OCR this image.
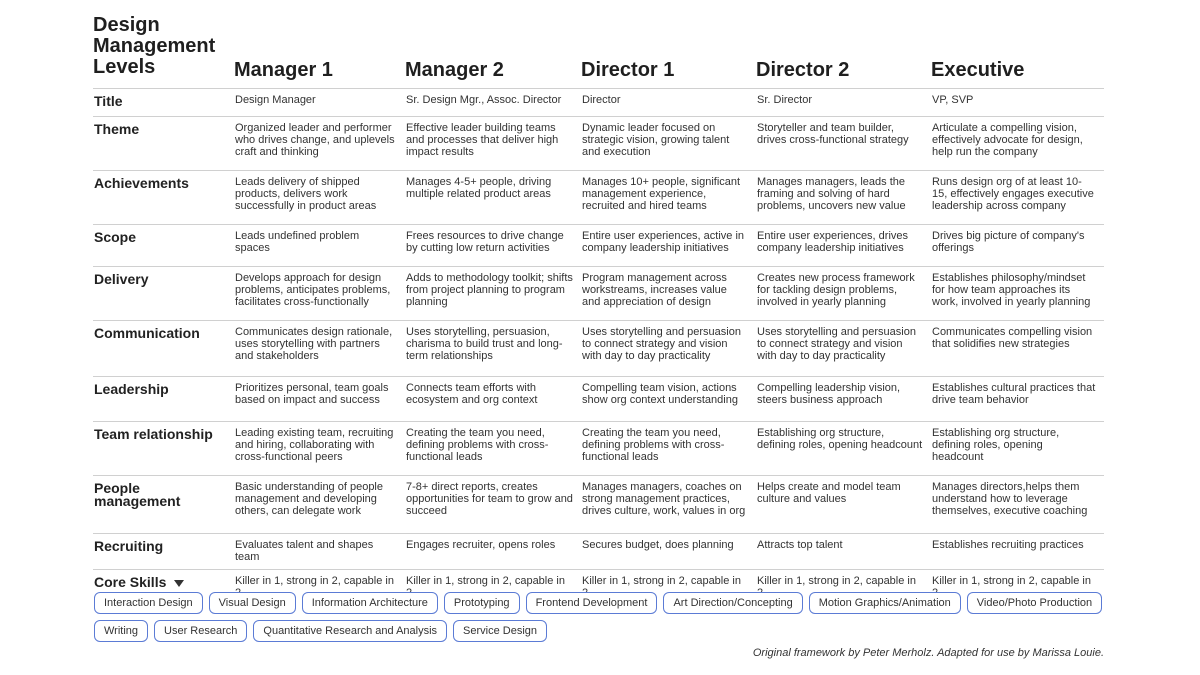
Design Management Levels
		Manager 1	Manager 2	Director 1	Director 2	Executive
Title	Design Manager	Sr. Design Mgr., Assoc. Director	Director	Sr. Director	VP, SVP
Theme	Organized leader and performer who drives change, and uplevels craft and thinking	Effective leader building teams and processes that deliver high impact results	Dynamic leader focused on strategic vision, growing talent and execution	Storyteller and team builder, drives cross-functional strategy	Articulate a compelling vision, effectively advocate for design, help run the company
Achievements	Leads delivery of shipped products, delivers work successfully in product areas	Manages 4-5+ people, driving multiple related product areas	Manages 10+ people, significant management experience, recruited and hired teams	Manages managers, leads the framing and solving of hard problems, uncovers new value	Runs design org of at least 10-15, effectively engages executive leadership across company
Scope	Leads undefined problem spaces	Frees resources to drive change by cutting low return activities	Entire user experiences, active in company leadership initiatives	Entire user experiences, drives company leadership initiatives	Drives big picture of company's offerings
Delivery	Develops approach for design problems, anticipates problems, facilitates cross-functionally	Adds to methodology toolkit; shifts from project planning to program planning	Program management across workstreams, increases value and appreciation of design	Creates new process framework for tackling design problems, involved in yearly planning	Establishes philosophy/mindset for how team approaches its work, involved in yearly planning
Communication	Communicates design rationale, uses storytelling with partners and stakeholders	Uses storytelling, persuasion, charisma to build trust and long-term relationships	Uses storytelling and persuasion to connect strategy and vision with day to day practicality	Uses storytelling and persuasion to connect strategy and vision with day to day practicality	Communicates compelling vision that solidifies new strategies
Leadership	Prioritizes personal, team goals based on impact and success	Connects team efforts with ecosystem and org context	Compelling team vision, actions show org context understanding	Compelling leadership vision, steers business approach	Establishes cultural practices that drive team behavior
Team relationship	Leading existing team, recruiting and hiring, collaborating with cross-functional peers	Creating the team you need, defining problems with cross-functional leads	Creating the team you need, defining problems with cross-functional leads	Establishing org structure, defining roles, opening headcount	Establishing org structure, defining roles, opening headcount
People management	Basic understanding of people management and developing others, can delegate work	7-8+ direct reports, creates opportunities for team to grow and succeed	Manages managers, coaches on strong management practices, drives culture, work, values in org	Helps create and model team culture and values	Manages directors,helps them understand how to leverage themselves, executive coaching
Recruiting	Evaluates talent and shapes team	Engages recruiter, opens roles	Secures budget, does planning	Attracts top talent	Establishes recruiting practices
Core Skills	Killer in 1, strong in 2, capable in	Killer in 1, strong in 2, capable in	Killer in 1, strong in 2, capable in	Killer in 1, strong in 2, capable in	Killer in 1, strong in 2, capable in
Interaction Design	Visual Design	Information Architecture	Prototyping	Frontend Development	Art Direction/Concepting	Motion Graphics/Animation	Video/Photo Production
Writing	User Research	Quantitative Research and Analysis	Service Design
Original framework by Peter Merholz. Adapted for use by Marissa Louie.
